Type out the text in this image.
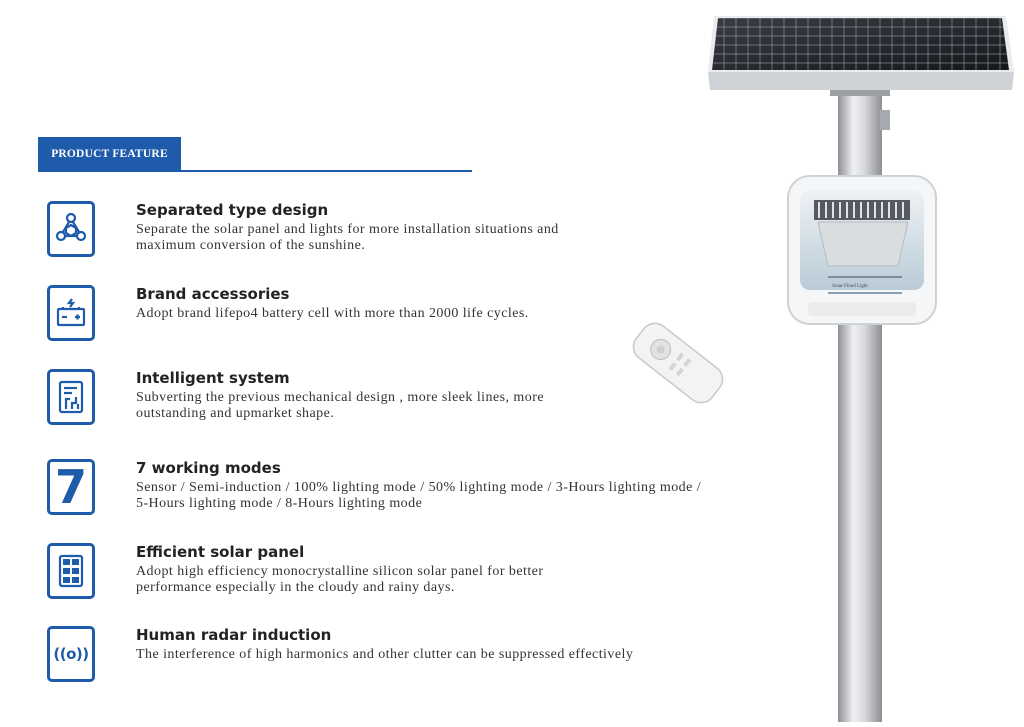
PRODUCT FEATURE
Separated type design
Separate the solar panel and lights for more installation situations and
maximum conversion of the sunshine.
Brand accessories
Adopt brand lifepo4 battery cell with more than 2000 life cycles.
Intelligent system
Subverting the previous mechanical design , more sleek lines, more
outstanding and upmarket shape.
7	7 working modes
Sensor / Semi-induction / 100% lighting mode / 50% lighting mode / 3-Hours lighting mode /
5-Hours lighting mode / 8-Hours lighting mode
Efficient solar panel
Adopt high efficiency monocrystalline silicon solar panel for better
performance especially in the cloudy and rainy days.
((o))
Human radar induction
The interference of high harmonics and other clutter can be suppressed effectively
Solar Flood Light
